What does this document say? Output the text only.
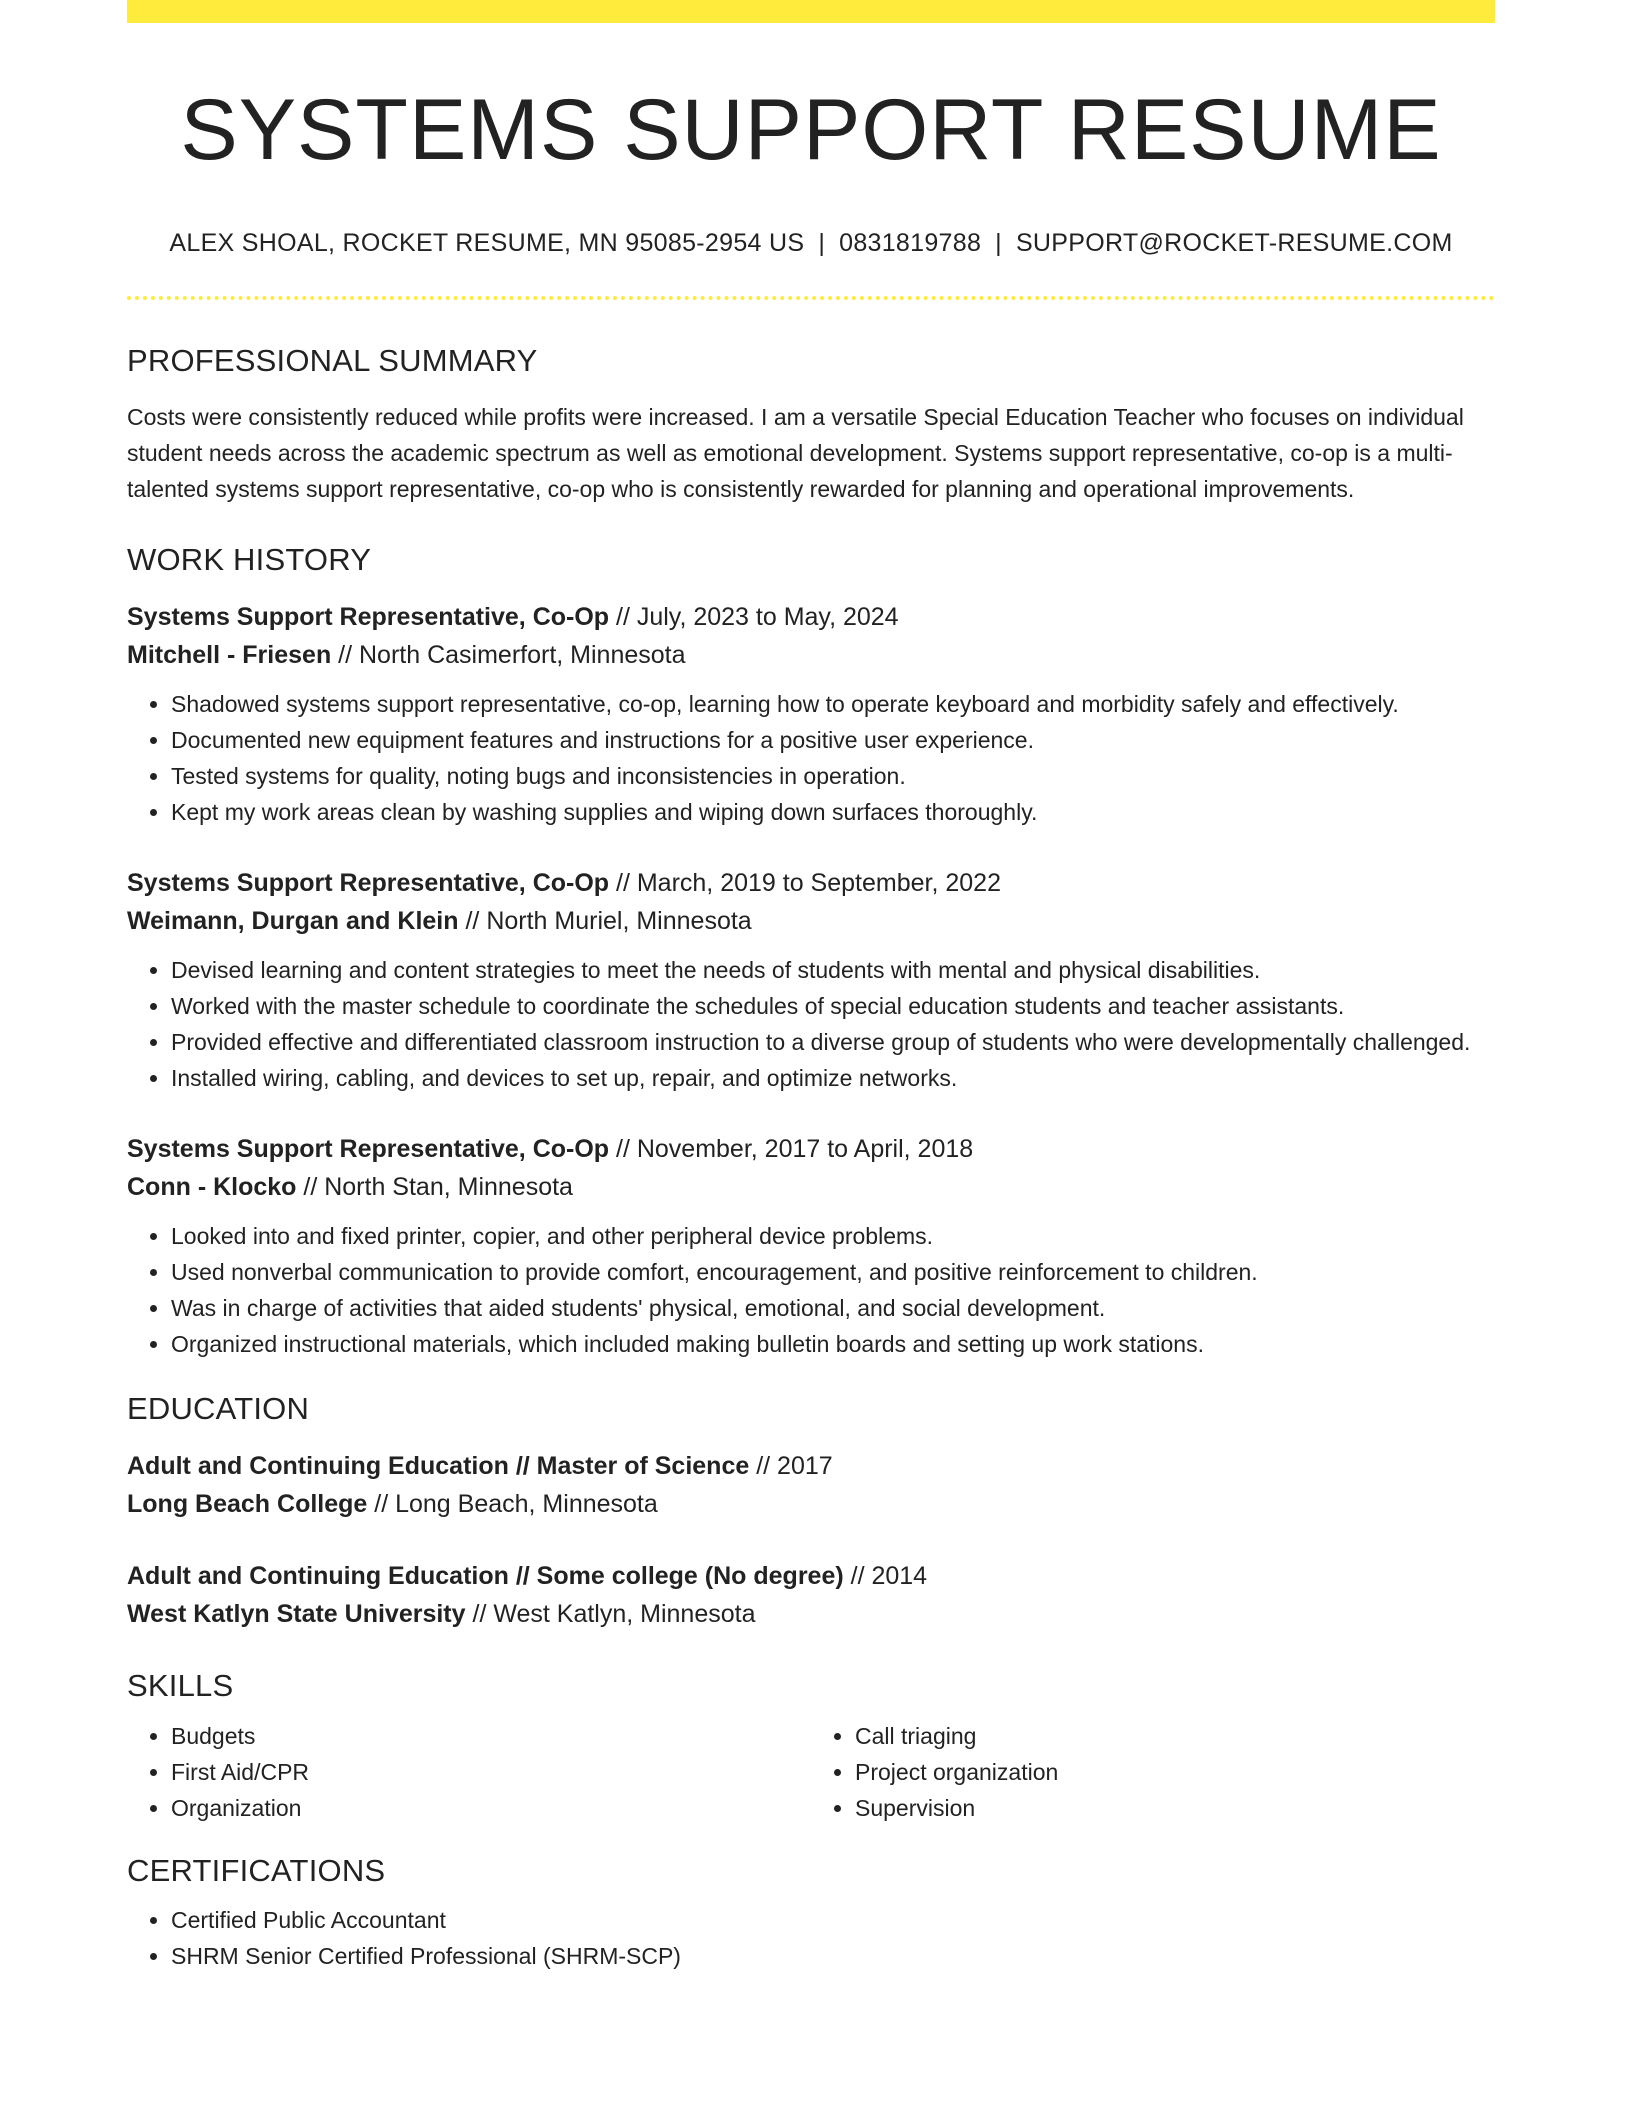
SYSTEMS SUPPORT RESUME
ALEX SHOAL, ROCKET RESUME, MN 95085-2954 US | 0831819788 | SUPPORT@ROCKET-RESUME.COM
PROFESSIONAL SUMMARY
Costs were consistently reduced while profits were increased. I am a versatile Special Education Teacher who focuses on individual student needs across the academic spectrum as well as emotional development. Systems support representative, co-op is a multi-talented systems support representative, co-op who is consistently rewarded for planning and operational improvements.
WORK HISTORY
Systems Support Representative, Co-Op // July, 2023 to May, 2024
Mitchell - Friesen // North Casimerfort, Minnesota
• Shadowed systems support representative, co-op, learning how to operate keyboard and morbidity safely and effectively.
• Documented new equipment features and instructions for a positive user experience.
• Tested systems for quality, noting bugs and inconsistencies in operation.
• Kept my work areas clean by washing supplies and wiping down surfaces thoroughly.
Systems Support Representative, Co-Op // March, 2019 to September, 2022
Weimann, Durgan and Klein // North Muriel, Minnesota
• Devised learning and content strategies to meet the needs of students with mental and physical disabilities.
• Worked with the master schedule to coordinate the schedules of special education students and teacher assistants.
• Provided effective and differentiated classroom instruction to a diverse group of students who were developmentally challenged.
• Installed wiring, cabling, and devices to set up, repair, and optimize networks.
Systems Support Representative, Co-Op // November, 2017 to April, 2018
Conn - Klocko // North Stan, Minnesota
• Looked into and fixed printer, copier, and other peripheral device problems.
• Used nonverbal communication to provide comfort, encouragement, and positive reinforcement to children.
• Was in charge of activities that aided students' physical, emotional, and social development.
• Organized instructional materials, which included making bulletin boards and setting up work stations.
EDUCATION
Adult and Continuing Education // Master of Science // 2017
Long Beach College // Long Beach, Minnesota
Adult and Continuing Education // Some college (No degree) // 2014
West Katlyn State University // West Katlyn, Minnesota
SKILLS
• Budgets
• First Aid/CPR
• Organization
• Call triaging
• Project organization
• Supervision
CERTIFICATIONS
• Certified Public Accountant
• SHRM Senior Certified Professional (SHRM-SCP)
